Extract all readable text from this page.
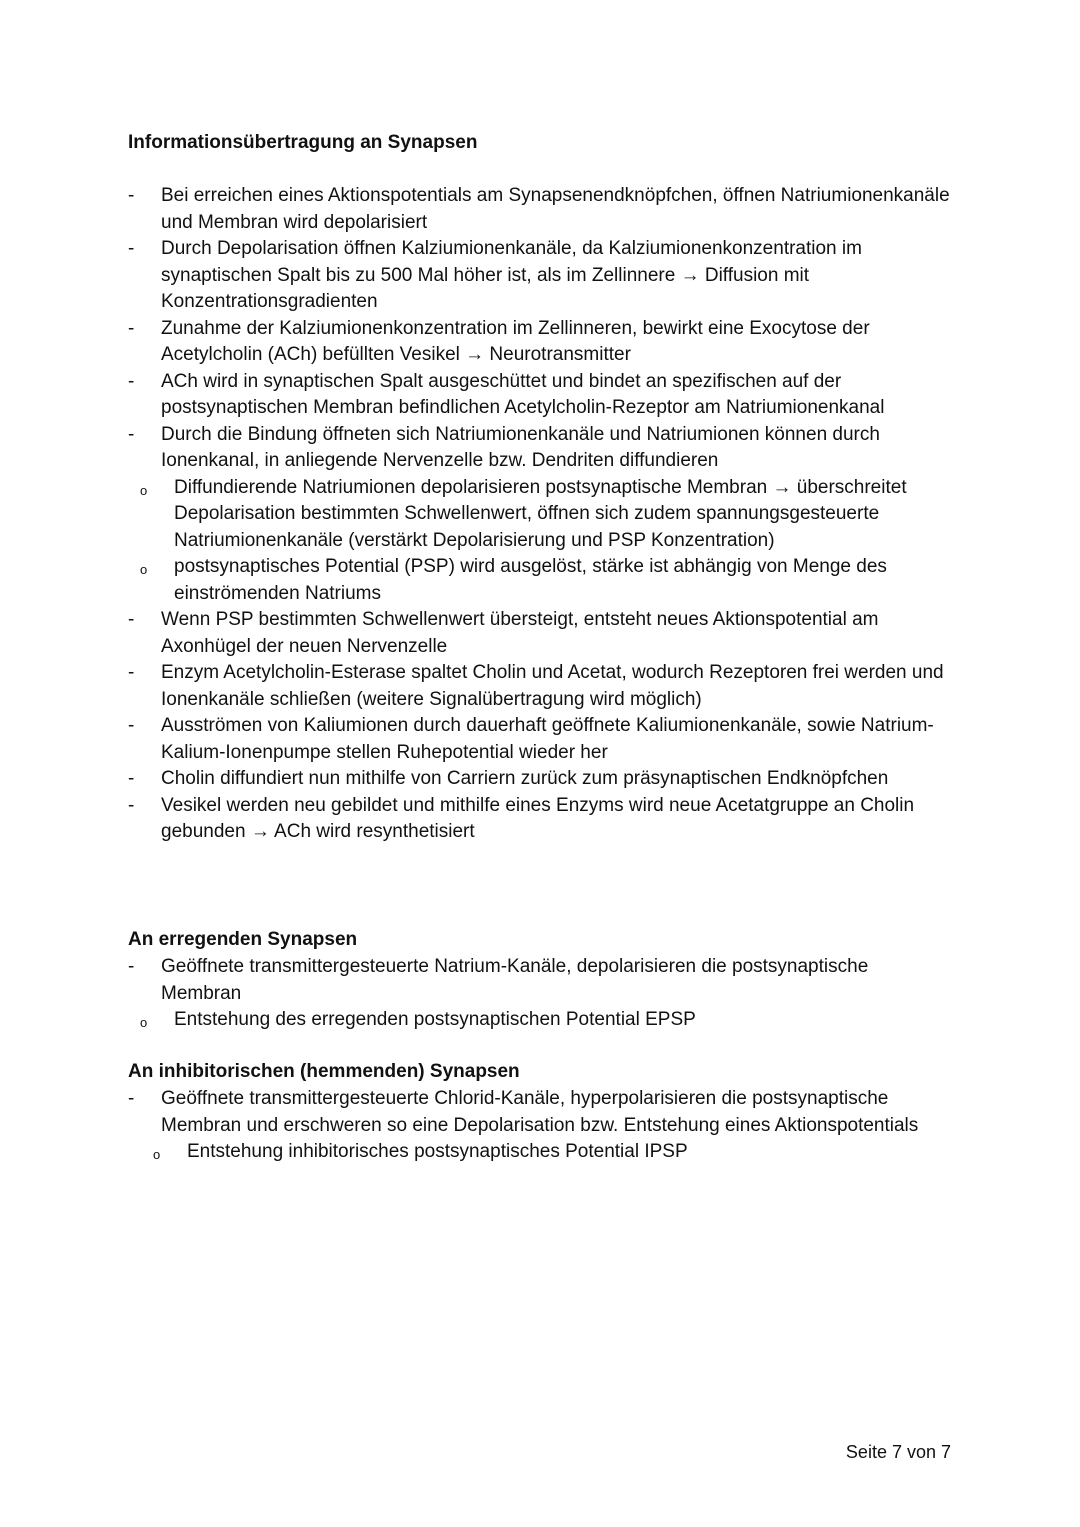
Informationsübertragung an Synapsen
- Bei erreichen eines Aktionspotentials am Synapsenendknöpfchen, öffnen Natriumionenkanäle und Membran wird depolarisiert
- Durch Depolarisation öffnen Kalziumionenkanäle, da Kalziumionenkonzentration im synaptischen Spalt bis zu 500 Mal höher ist, als im Zellinnere → Diffusion mit Konzentrationsgradienten
- Zunahme der Kalziumionenkonzentration im Zellinneren, bewirkt eine Exocytose der Acetylcholin (ACh) befüllten Vesikel → Neurotransmitter
- ACh wird in synaptischen Spalt ausgeschüttet und bindet an spezifischen auf der postsynaptischen Membran befindlichen Acetylcholin-Rezeptor am Natriumionenkanal
- Durch die Bindung öffneten sich Natriumionenkanäle und Natriumionen können durch Ionenkanal, in anliegende Nervenzelle bzw. Dendriten diffundieren
o Diffundierende Natriumionen depolarisieren postsynaptische Membran → überschreitet Depolarisation bestimmten Schwellenwert, öffnen sich zudem spannungsgesteuerte Natriumionenkanäle (verstärkt Depolarisierung und PSP Konzentration)
o postsynaptisches Potential (PSP) wird ausgelöst, stärke ist abhängig von Menge des einströmenden Natriums
- Wenn PSP bestimmten Schwellenwert übersteigt, entsteht neues Aktionspotential am Axonhügel der neuen Nervenzelle
- Enzym Acetylcholin-Esterase spaltet Cholin und Acetat, wodurch Rezeptoren frei werden und Ionenkanäle schließen (weitere Signalübertragung wird möglich)
- Ausströmen von Kaliumionen durch dauerhaft geöffnete Kaliumionenkanäle, sowie Natrium-Kalium-Ionenpumpe stellen Ruhepotential wieder her
- Cholin diffundiert nun mithilfe von Carriern zurück zum präsynaptischen Endknöpfchen
- Vesikel werden neu gebildet und mithilfe eines Enzyms wird neue Acetatgruppe an Cholin gebunden → ACh wird resynthetisiert
An erregenden Synapsen
- Geöffnete transmittergesteuerte Natrium-Kanäle, depolarisieren die postsynaptische Membran
o Entstehung des erregenden postsynaptischen Potential EPSP
An inhibitorischen (hemmenden) Synapsen
- Geöffnete transmittergesteuerte Chlorid-Kanäle, hyperpolarisieren die postsynaptische Membran und erschweren so eine Depolarisation bzw. Entstehung eines Aktionspotentials
o Entstehung inhibitorisches postsynaptisches Potential IPSP
Seite 7 von 7
